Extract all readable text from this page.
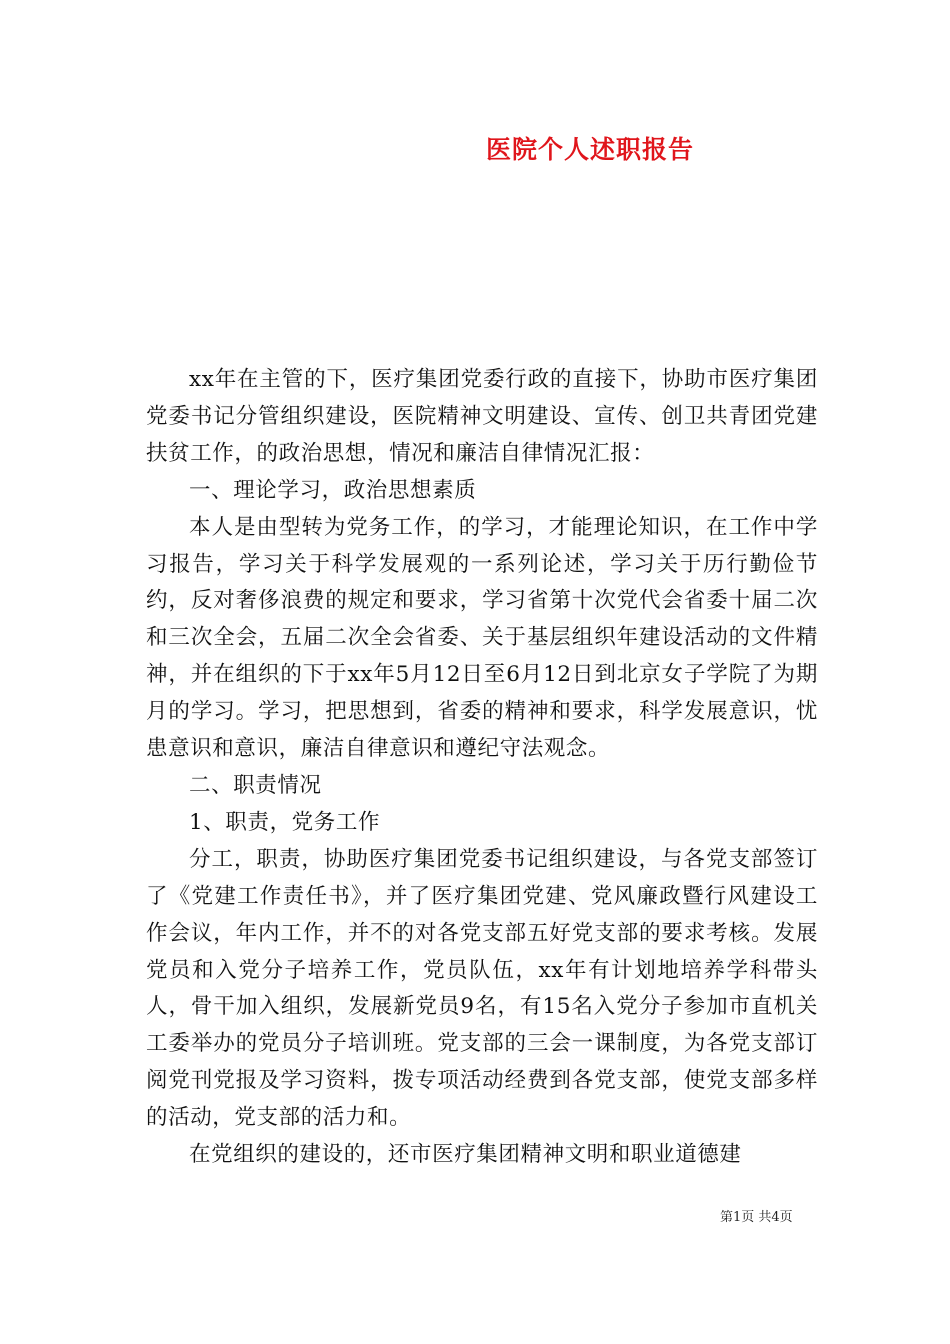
医院个人述职报告

xx年在主管的下，医疗集团党委行政的直接下，协助市医疗集团党委书记分管组织建设，医院精神文明建设、宣传、创卫共青团党建扶贫工作，的政治思想，情况和廉洁自律情况汇报：

一、理论学习，政治思想素质

本人是由型转为党务工作，的学习，才能理论知识，在工作中学习报告，学习关于科学发展观的一系列论述，学习关于历行勤俭节约，反对奢侈浪费的规定和要求，学习省第十次党代会省委十届二次和三次全会，五届二次全会省委、关于基层组织年建设活动的文件精神，并在组织的下于xx年5月12日至6月12日到北京女子学院了为期月的学习。学习，把思想到，省委的精神和要求，科学发展意识，忧患意识和意识，廉洁自律意识和遵纪守法观念。

二、职责情况

1、职责，党务工作

分工，职责，协助医疗集团党委书记组织建设，与各党支部签订了《党建工作责任书》，并了医疗集团党建、党风廉政暨行风建设工作会议，年内工作，并不的对各党支部五好党支部的要求考核。发展党员和入党分子培养工作，党员队伍，xx年有计划地培养学科带头人，骨干加入组织，发展新党员9名，有15名入党分子参加市直机关工委举办的党员分子培训班。党支部的三会一课制度，为各党支部订阅党刊党报及学习资料，拨专项活动经费到各党支部，使党支部多样的活动，党支部的活力和。

在党组织的建设的，还市医疗集团精神文明和职业道德建

第1页 共4页
